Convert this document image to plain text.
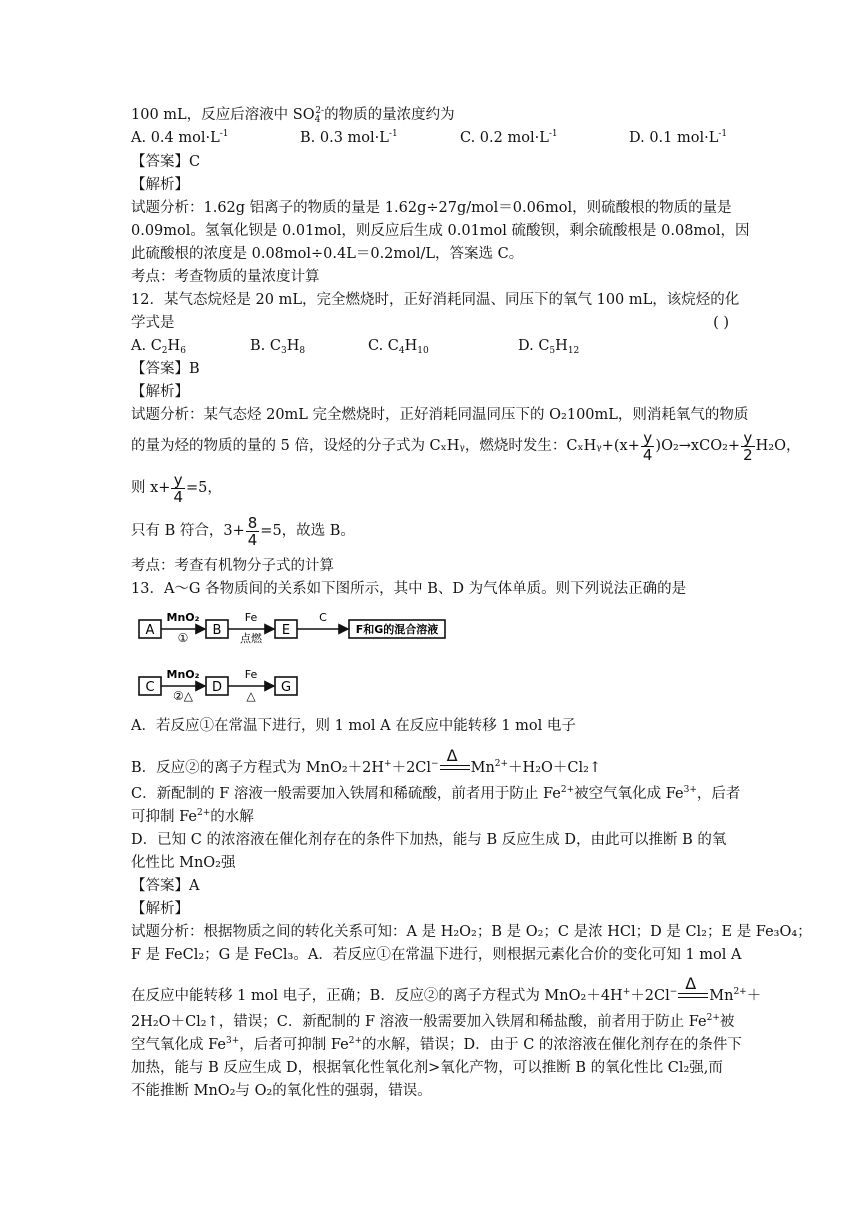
100 mL，反应后溶液中 $SO_4^{2-}$的物质的量浓度约为
A. 0.4 $mol\cdot L^{-1}$	B. 0.3 $mol\cdot L^{-1}$	C. 0.2 $mol\cdot L^{-1}$	D. 0.1 $mol\cdot L^{-1}$
【答案】C
【解析】
试题分析：1.62g 铝离子的物质的量是 1.62g÷27g/mol＝0.06mol，则硫酸根的物质的量是
0.09mol。氢氧化钡是 0.01mol，则反应后生成 0.01mol 硫酸钡，剩余硫酸根是 0.08mol，因
此硫酸根的浓度是 0.08mol÷0.4L＝0.2mol/L，答案选 C。
考点：考查物质的量浓度计算
12．某气态烷烃是 20 mL，完全燃烧时，正好消耗同温、同压下的氧气 100 mL，该烷烃的化
学式是	( )
A. $C_2H_6$	B. $C_3H_8$	C. $C_4H_{10}$	D. $C_5H_{12}$
【答案】B
【解析】
试题分析：某气态烃 20mL 完全燃烧时，正好消耗同温同压下的 O₂100mL，则消耗氧气的物质
的量为烃的物质的量的 5 倍，设烃的分子式为 CₓHᵧ，燃烧时发生：CₓHᵧ+(x+ $\frac{y}{4} )O_2\to xCO_2+ \frac{y}{2} H_2O$，
则 $x+ \frac{y}{4} =5$，
只有 B 符合，$3+ \frac{8}{4} =5$，故选 B。
考点：考查有机物分子式的计算
13．A～G 各物质间的关系如下图所示，其中 B、D 为气体单质。则下列说法正确的是
A
MnO₂
① B
Fe
点燃
E
C
F和G的混合溶液
C
MnO₂
②△
D
Fe
△
G
A．若反应①在常温下进行，则 1 mol A 在反应中能转移 1 mol 电子
B．反应②的离子方程式为 MnO₂＋2H+＋2Cl− Δ
$Mn^{2+}+H_2O+Cl_2↑$
C．新配制的 F 溶液一般需要加入铁屑和稀硫酸，前者用于防止 $Fe^{2+}$被空气氧化成 $Fe^{3+}$，后者
可抑制 $Fe^{2+}$的水解
D．已知 C 的浓溶液在催化剂存在的条件下加热，能与 B 反应生成 D，由此可以推断 B 的氧
化性比 MnO₂强
【答案】A
【解析】
试题分析：根据物质之间的转化关系可知：A 是 H₂O₂；B 是 O₂；C 是浓 HCl；D 是 Cl₂；E 是 Fe₃O₄；
F 是 FeCl₂；G 是 FeCl₃。A．若反应①在常温下进行，则根据元素化合价的变化可知 1 mol A
在反应中能转移 1 mol 电子，正确；B．反应②的离子方程式为 MnO₂＋4H+＋2Cl− Δ
$Mn^{2+}+$
2H₂O＋Cl₂↑，错误；C．新配制的 F 溶液一般需要加入铁屑和稀盐酸，前者用于防止 $Fe^{2+}$被
空气氧化成 $Fe^{3+}$，后者可抑制 $Fe^{2+}$的水解，错误；D．由于 C 的浓溶液在催化剂存在的条件下
加热，能与 B 反应生成 D，根据氧化性氧化剂>氧化产物，可以推断 B 的氧化性比 Cl₂强,而
不能推断 MnO₂与 O₂的氧化性的强弱，错误。
